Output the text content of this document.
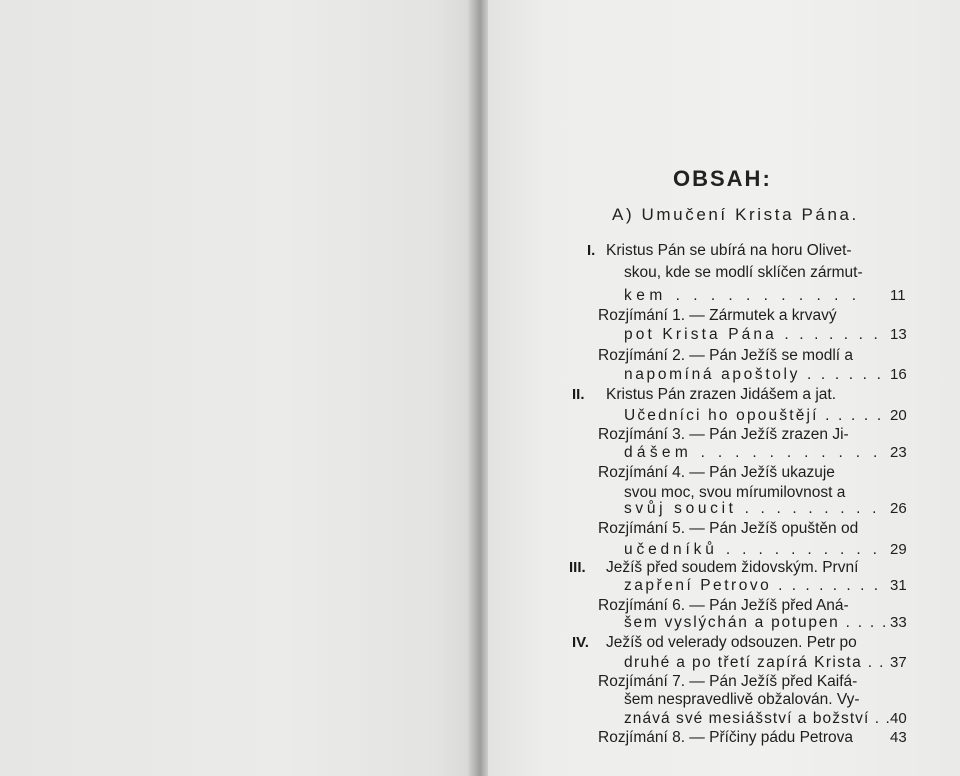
OBSAH:
A) Umučení Krista Pána.
I. Kristus Pán se ubírá na horu Olivet-
skou, kde se modlí sklíčen zármut-
kem . . . . . . . . . . . 11
Rozjímání 1. — Zármutek a krvavý
pot Krista Pána . . . . . . . 13
Rozjímání 2. — Pán Ježíš se modlí a
napomíná apoštoly . . . . . . 16
II. Kristus Pán zrazen Jidášem a jat.
Učedníci ho opouštějí . . . . . 20
Rozjímání 3. — Pán Ježíš zrazen Ji-
dášem . . . . . . . . . . . 23
Rozjímání 4. — Pán Ježíš ukazuje
svou moc, svou mírumilovnost a
svůj soucit . . . . . . . . . 26
Rozjímání 5. — Pán Ježíš opuštěn od
učedníků . . . . . . . . . . 29
III. Ježíš před soudem židovským. První
zapření Petrovo . . . . . . . . 31
Rozjímání 6. — Pán Ježíš před Aná-
šem vyslýchán a potupen . . . . 33
IV. Ježíš od velerady odsouzen. Petr po
druhé a po třetí zapírá Krista . . 37
Rozjímání 7. — Pán Ježíš před Kaifá-
šem nespravedlivě obžalován. Vy-
znává své mesiášství a božství . . 40
Rozjímání 8. — Příčiny pádu Petrova 43
